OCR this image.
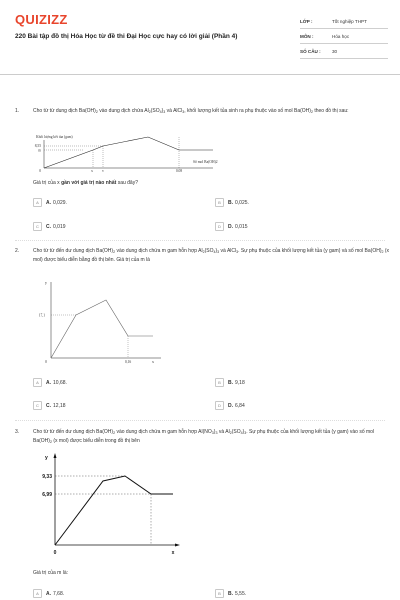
QUIZIZZ
220 Bài tập đồ thị Hóa Học từ đề thi Đại Học cực hay có lời giải (Phần 4)
LỚP :	Tốt nghiệp THPT
MÔN :	Hóa học
SỐ CÂU :	30
1.	Cho từ từ dung dịch $Ba(OH)_2$ vào dung dịch chứa $Al_2(SO_4)_3$ và AlCl$_3$, khối lượng kết tủa sinh ra phụ thuộc vào số mol $Ba(OH)_2$ theo đồ thị sau:
Khối lượng kết tủa (gam)
8,55
m
0	x	y	0,08
Số mol Ba(OH)2
Giá trị của x gần với giá trị nào nhất sau đây?
A	A. 0,029.	B	B. 0,025.
C	C. 0,019	D	D. 0,015
2.	Cho từ từ đến dư dung dịch $Ba(OH)_2$ vào dung dịch chứa m gam hỗn hợp $Al_2(SO_4)_3$ và AlCl$_3$. Sự phụ thuộc của khối lượng kết tủa (y gam) và số mol $Ba(OH)_2$ (x mol) được biểu diễn bằng đồ thị bên. Giá trị của m là
y
17,1
0,16	x
0
A	A. 10,68.	B	B. 9,18
C	C. 12,18	D	D. 6,84
3.	Cho từ từ đến dư dung dịch $Ba(OH)_2$ vào dung dịch chứa m gam hỗn hợp $Al(NO_3)_3$ và $Al_2(SO_4)_3$. Sự phụ thuộc của khối lượng kết tủa (y gam) vào số mol $Ba(OH)_2$ (x mol) được biểu diễn trong đồ thị bên
y
9,33
6,99
0	x
Giá trị của m là:
A	A. 7,68.	B	B. 5,55.
